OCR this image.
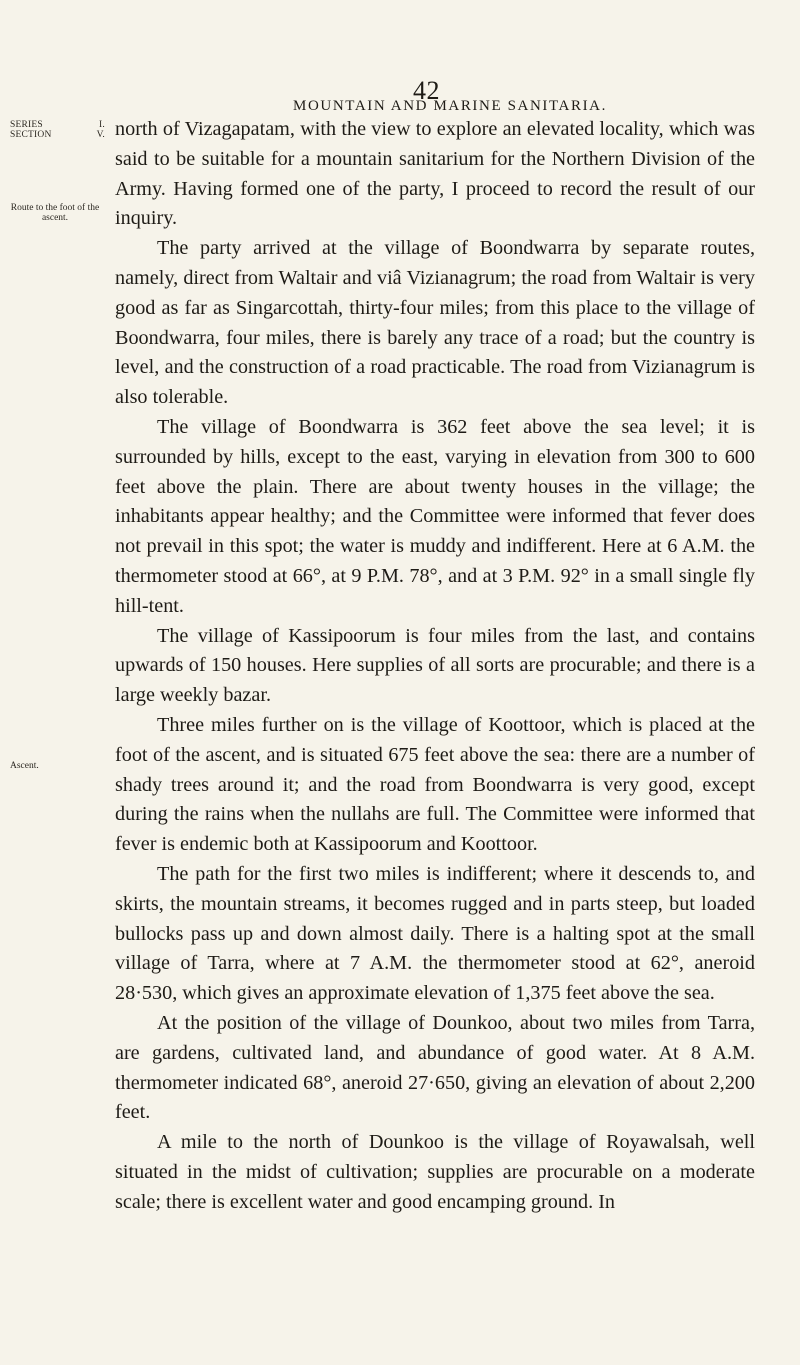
42
MOUNTAIN AND MARINE SANITARIA.
SERIES	I.
SECTION	V.
Route to the foot of the ascent.
Ascent.

north of Vizagapatam, with the view to explore an elevated locality, which was said to be suitable for a mountain sanitarium for the Northern Division of the Army. Having formed one of the party, I proceed to record the result of our inquiry.

The party arrived at the village of Boondwarra by separate routes, namely, direct from Waltair and viâ Vizianagrum; the road from Waltair is very good as far as Singarcottah, thirty-four miles; from this place to the village of Boondwarra, four miles, there is barely any trace of a road; but the country is level, and the construction of a road practicable. The road from Vizianagrum is also tolerable.

The village of Boondwarra is 362 feet above the sea level; it is surrounded by hills, except to the east, varying in elevation from 300 to 600 feet above the plain. There are about twenty houses in the village; the inhabitants appear healthy; and the Committee were informed that fever does not prevail in this spot; the water is muddy and indifferent. Here at 6 A.M. the thermometer stood at 66°, at 9 P.M. 78°, and at 3 P.M. 92° in a small single fly hill-tent.

The village of Kassipoorum is four miles from the last, and contains upwards of 150 houses. Here supplies of all sorts are procurable; and there is a large weekly bazar.

Three miles further on is the village of Koottoor, which is placed at the foot of the ascent, and is situated 675 feet above the sea: there are a number of shady trees around it; and the road from Boondwarra is very good, except during the rains when the nullahs are full. The Committee were informed that fever is endemic both at Kassipoorum and Koottoor.

The path for the first two miles is indifferent; where it descends to, and skirts, the mountain streams, it becomes rugged and in parts steep, but loaded bullocks pass up and down almost daily. There is a halting spot at the small village of Tarra, where at 7 A.M. the thermometer stood at 62°, aneroid 28·530, which gives an approximate elevation of 1,375 feet above the sea.

At the position of the village of Dounkoo, about two miles from Tarra, are gardens, cultivated land, and abundance of good water. At 8 A.M. thermometer indicated 68°, aneroid 27·650, giving an elevation of about 2,200 feet.

A mile to the north of Dounkoo is the village of Royawalsah, well situated in the midst of cultivation; supplies are procurable on a moderate scale; there is excellent water and good encamping ground. In
